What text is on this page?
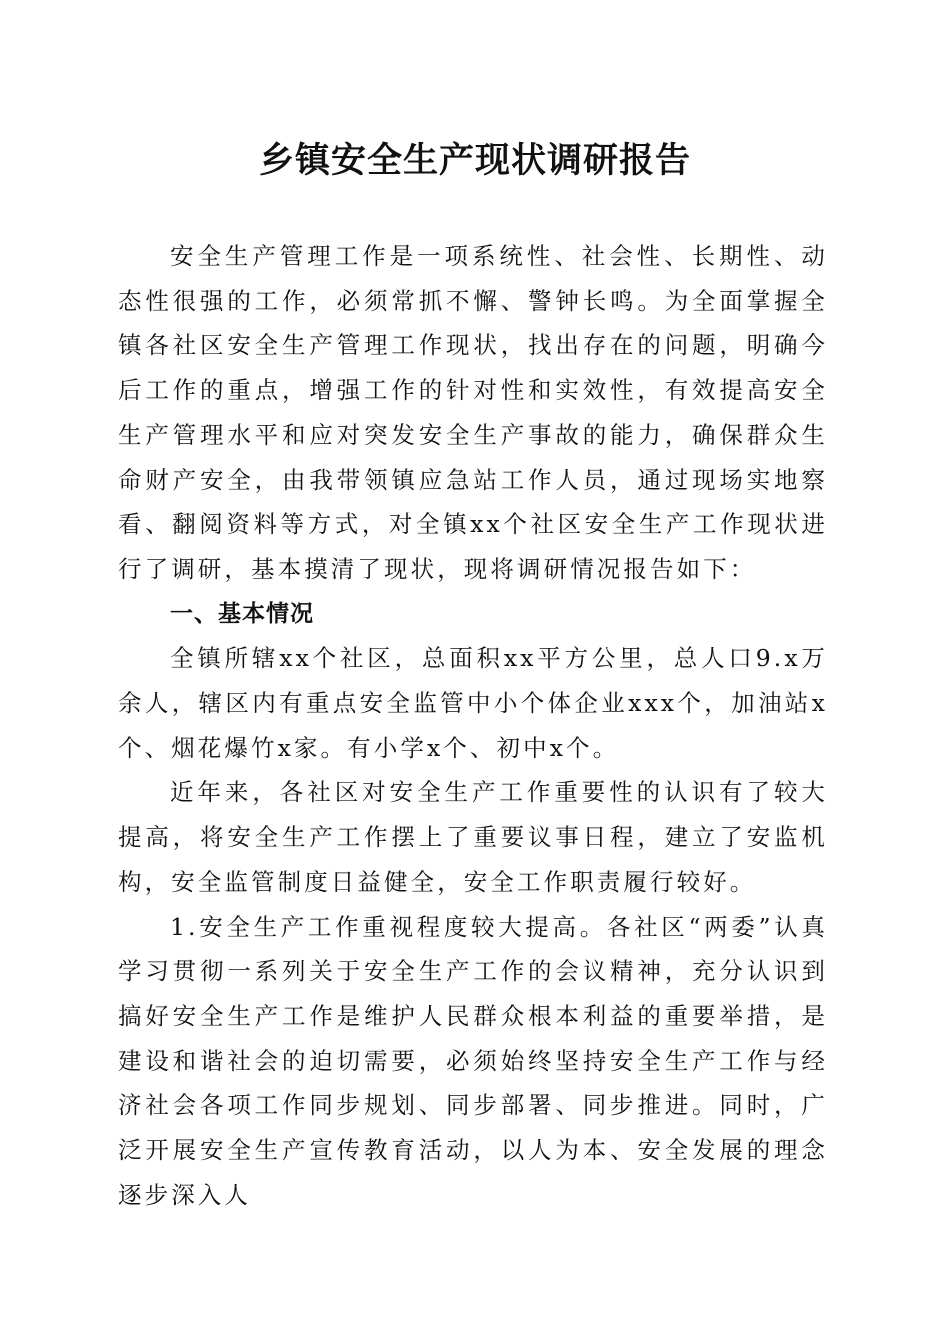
乡镇安全生产现状调研报告

安全生产管理工作是一项系统性、社会性、长期性、动态性很强的工作，必须常抓不懈、警钟长鸣。为全面掌握全镇各社区安全生产管理工作现状，找出存在的问题，明确今后工作的重点，增强工作的针对性和实效性，有效提高安全生产管理水平和应对突发安全生产事故的能力，确保群众生命财产安全，由我带领镇应急站工作人员，通过现场实地察看、翻阅资料等方式，对全镇xx个社区安全生产工作现状进行了调研，基本摸清了现状，现将调研情况报告如下：

一、基本情况

全镇所辖xx个社区，总面积xx平方公里，总人口9.x万余人，辖区内有重点安全监管中小个体企业xxx个，加油站x个、烟花爆竹x家。有小学x个、初中x个。

近年来，各社区对安全生产工作重要性的认识有了较大提高，将安全生产工作摆上了重要议事日程，建立了安监机构，安全监管制度日益健全，安全工作职责履行较好。

1.安全生产工作重视程度较大提高。各社区“两委”认真学习贯彻一系列关于安全生产工作的会议精神，充分认识到搞好安全生产工作是维护人民群众根本利益的重要举措，是建设和谐社会的迫切需要，必须始终坚持安全生产工作与经济社会各项工作同步规划、同步部署、同步推进。同时，广泛开展安全生产宣传教育活动，以人为本、安全发展的理念逐步深入人
